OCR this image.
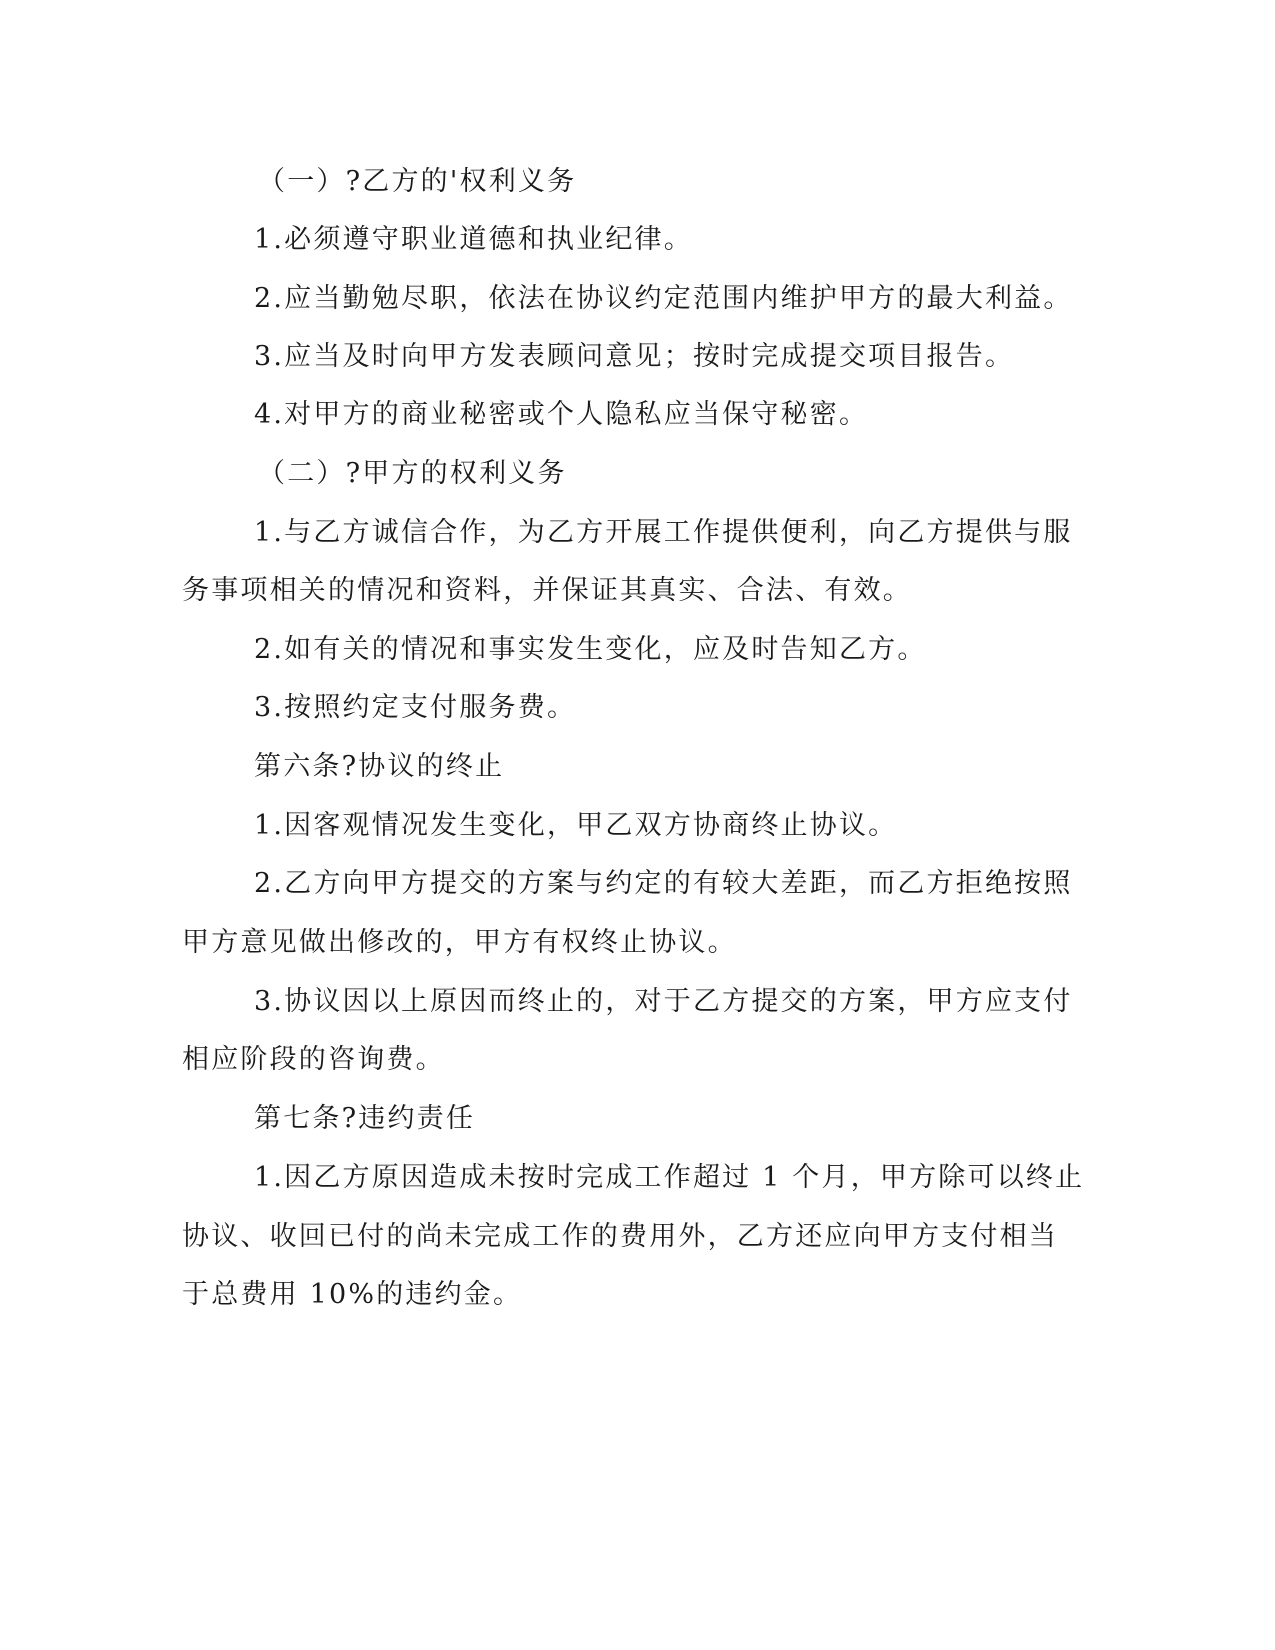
（一）?乙方的'权利义务
1.必须遵守职业道德和执业纪律。
2.应当勤勉尽职，依法在协议约定范围内维护甲方的最大利益。
3.应当及时向甲方发表顾问意见；按时完成提交项目报告。
4.对甲方的商业秘密或个人隐私应当保守秘密。
（二）?甲方的权利义务
1.与乙方诚信合作，为乙方开展工作提供便利，向乙方提供与服
务事项相关的情况和资料，并保证其真实、合法、有效。
2.如有关的情况和事实发生变化，应及时告知乙方。
3.按照约定支付服务费。
第六条?协议的终止
1.因客观情况发生变化，甲乙双方协商终止协议。
2.乙方向甲方提交的方案与约定的有较大差距，而乙方拒绝按照
甲方意见做出修改的，甲方有权终止协议。
3.协议因以上原因而终止的，对于乙方提交的方案，甲方应支付
相应阶段的咨询费。
第七条?违约责任
1.因乙方原因造成未按时完成工作超过 1 个月，甲方除可以终止
协议、收回已付的尚未完成工作的费用外，乙方还应向甲方支付相当
于总费用 10%的违约金。
